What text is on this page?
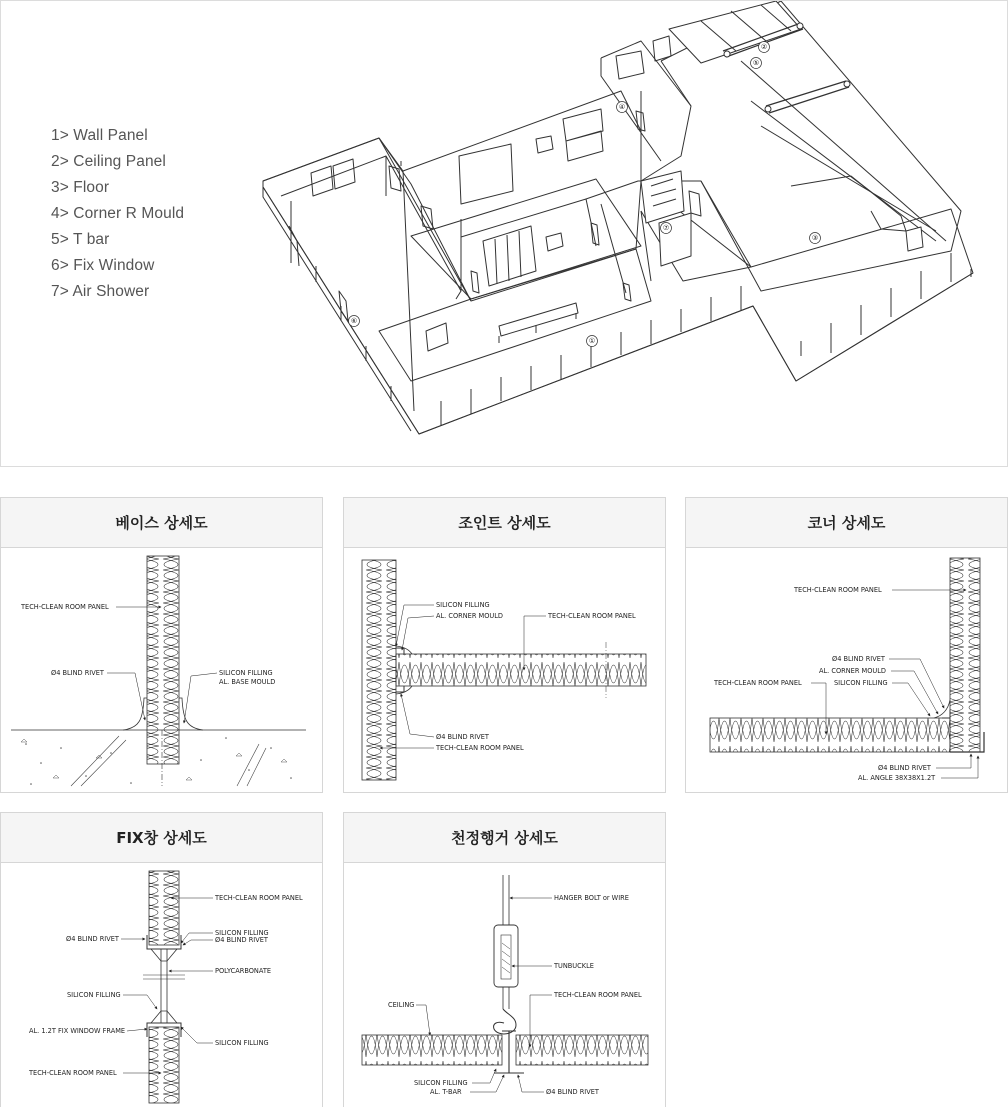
1> Wall Panel
2> Ceiling Panel
3> Floor
4> Corner R Mould
5> T bar
6> Fix Window
7> Air Shower
①
②
③
④
⑤
⑥
⑦
베이스 상세도
TECH-CLEAN ROOM PANEL
Ø4 BLIND RIVET	SILICON FILLING
AL. BASE MOULD
조인트 상세도
SILICON FILLING
AL. CORNER MOULD	TECH-CLEAN ROOM PANEL
Ø4 BLIND RIVET
TECH-CLEAN ROOM PANEL
코너 상세도
TECH-CLEAN ROOM PANEL
Ø4 BLIND RIVET
AL. CORNER MOULD
TECH-CLEAN ROOM PANEL	SILICON FILLING
Ø4 BLIND RIVET
AL. ANGLE 38X38X1.2T
FIX창 상세도
TECH-CLEAN ROOM PANEL
Ø4 BLIND RIVET
SILICON FILLING
Ø4 BLIND RIVET
POLYCARBONATE
SILICON FILLING
AL. 1.2T FIX WINDOW FRAME
SILICON FILLING
TECH-CLEAN ROOM PANEL
천정행거 상세도
HANGER BOLT or WIRE
TUNBUCKLE
CEILING
TECH-CLEAN ROOM PANEL
SILICON FILLING
AL. T-BAR	Ø4 BLIND RIVET
